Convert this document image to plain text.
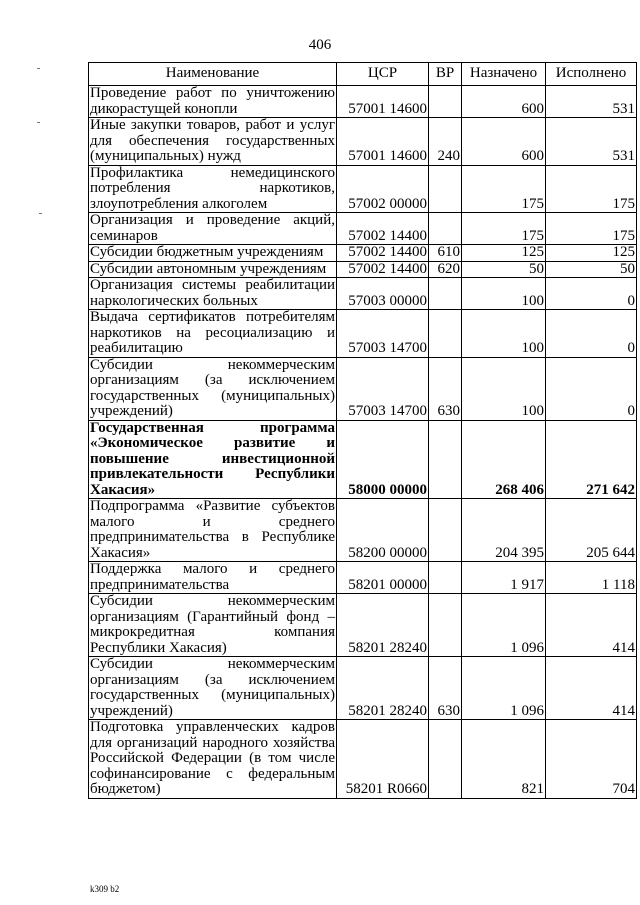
406
Наименование	ЦСР	ВР	Назначено	Исполнено
Проведение работ по уничтожению дикорастущей конопли	57001 14600		600	531
Иные закупки товаров, работ и услуг для обеспечения государственных (муниципальных) нужд	57001 14600	240	600	531
Профилактика немедицинского потребления наркотиков, злоупотребления алкоголем	57002 00000		175	175
Организация и проведение акций, семинаров	57002 14400		175	175
Субсидии бюджетным учреждениям	57002 14400	610	125	125
Субсидии автономным учреждениям	57002 14400	620	50	50
Организация системы реабилитации наркологических больных	57003 00000		100	0
Выдача сертификатов потребителям наркотиков на ресоциализацию и реабилитацию	57003 14700		100	0
Субсидии некоммерческим организациям (за исключением государственных (муниципальных) учреждений)	57003 14700	630	100	0
Государственная программа «Экономическое развитие и повышение инвестиционной привлекательности Республики Хакасия»	58000 00000		268 406	271 642
Подпрограмма «Развитие субъектов малого и среднего предпринимательства в Республике Хакасия»	58200 00000		204 395	205 644
Поддержка малого и среднего предпринимательства	58201 00000		1 917	1 118
Субсидии некоммерческим организациям (Гарантийный фонд – микрокредитная компания Республики Хакасия)	58201 28240		1 096	414
Субсидии некоммерческим организациям (за исключением государственных (муниципальных) учреждений)	58201 28240	630	1 096	414
Подготовка управленческих кадров для организаций народного хозяйства Российской Федерации (в том числе софинансирование с федеральным бюджетом)	58201 R0660		821	704
k309 b2
